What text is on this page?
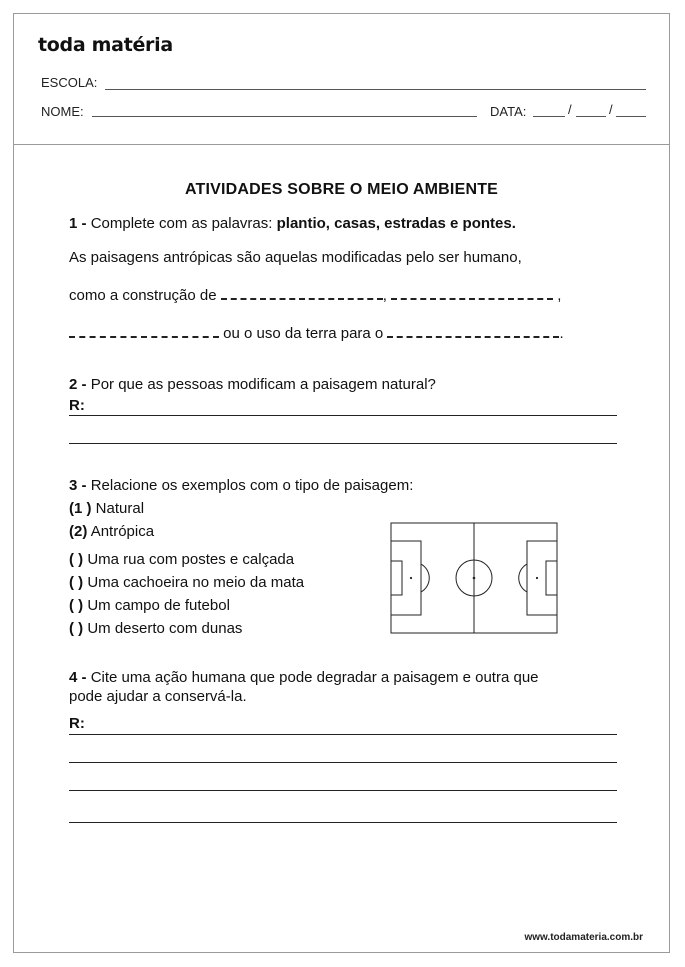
toda matéria
ESCOLA:
NOME:	DATA:	/	/
ATIVIDADES SOBRE O MEIO AMBIENTE
1 - Complete com as palavras: plantio, casas, estradas e pontes.
As paisagens antrópicas são aquelas modificadas pelo ser humano,
como a construção de	,	,
ou o uso da terra para o	.
2 - Por que as pessoas modificam a paisagem natural?
R:
3 - Relacione os exemplos com o tipo de paisagem:
(1 ) Natural
(2) Antrópica
( ) Uma rua com postes e calçada
( ) Uma cachoeira no meio da mata
( ) Um campo de futebol
( ) Um deserto com dunas
4 - Cite uma ação humana que pode degradar a paisagem e outra que
pode ajudar a conservá-la.
R:
www.todamateria.com.br
